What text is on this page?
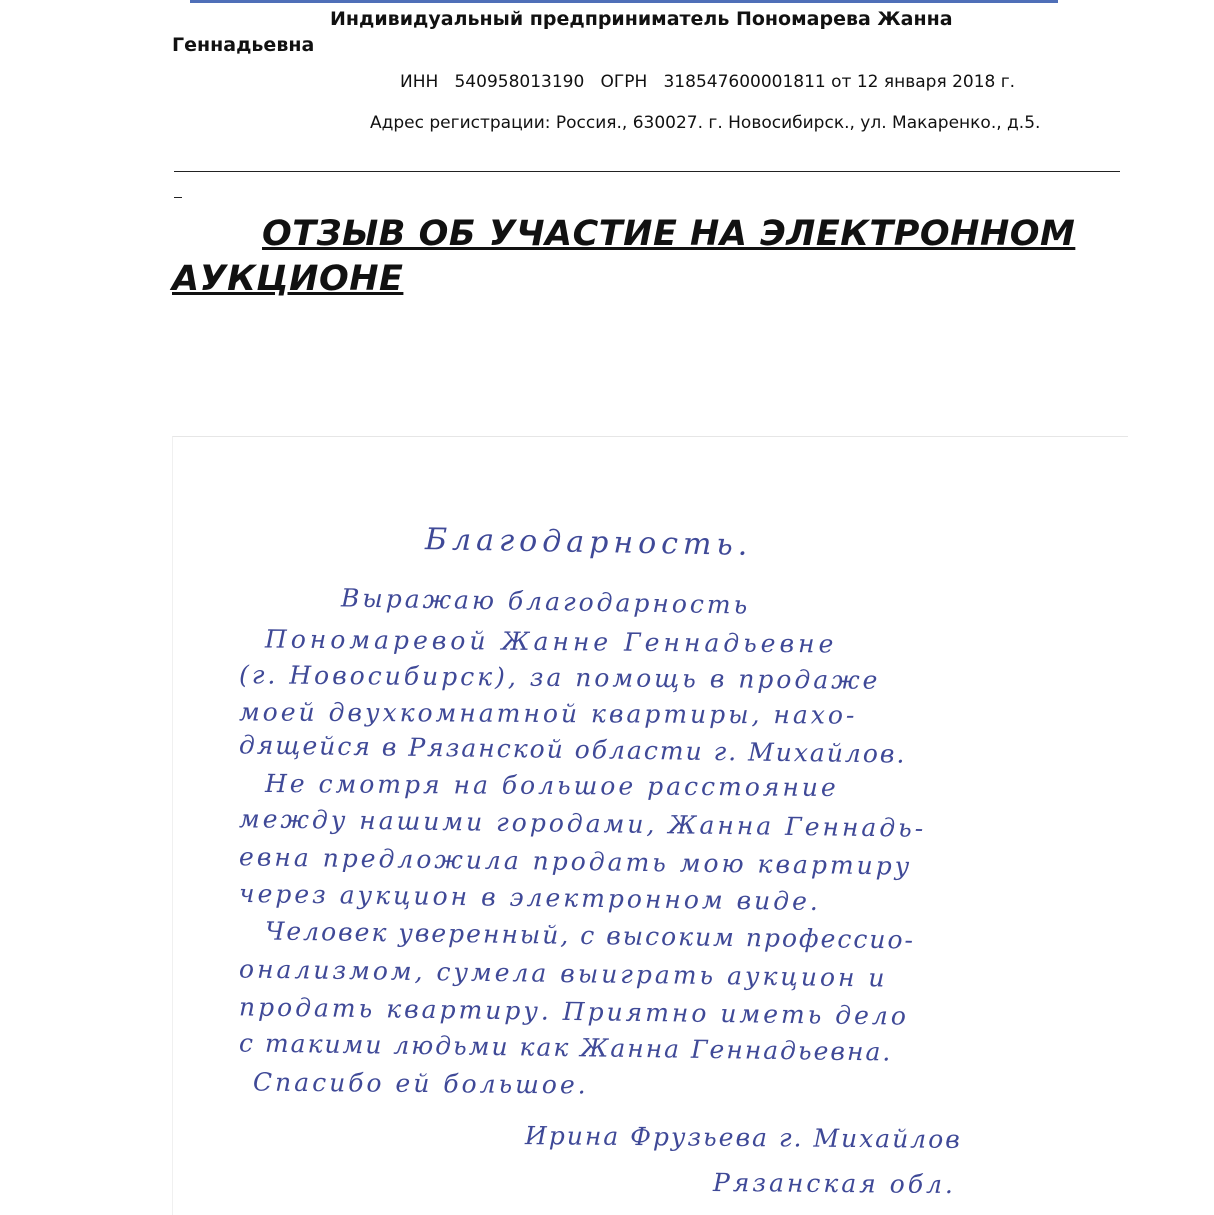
Индивидуальный предприниматель Пономарева Жанна Геннадьевна
ИНН   540958013190   ОГРН   318547600001811 от 12 января 2018 г.
Адрес регистрации: Россия., 630027. г. Новосибирск., ул. Макаренко., д.5.
ОТЗЫВ ОБ УЧАСТИЕ НА ЭЛЕКТРОННОМ АУКЦИОНЕ
Благодарность.
Выражаю благодарность
Пономаревой Жанне Геннадьевне
(г. Новосибирск), за помощь в продаже
моей двухкомнатной квартиры, нахо-
дящейся в Рязанской области г. Михайлов.
Не смотря на большое расстояние
между нашими городами, Жанна Геннадь-
евна предложила продать мою квартиру
через аукцион в электронном виде.
Человек уверенный, с высоким профессио-
онализмом, сумела выиграть аукцион и
продать квартиру. Приятно иметь дело
с такими людьми как Жанна Геннадьевна.
Спасибо ей большое.
Ирина Фрузьева г. Михайлов
Рязанская обл.
